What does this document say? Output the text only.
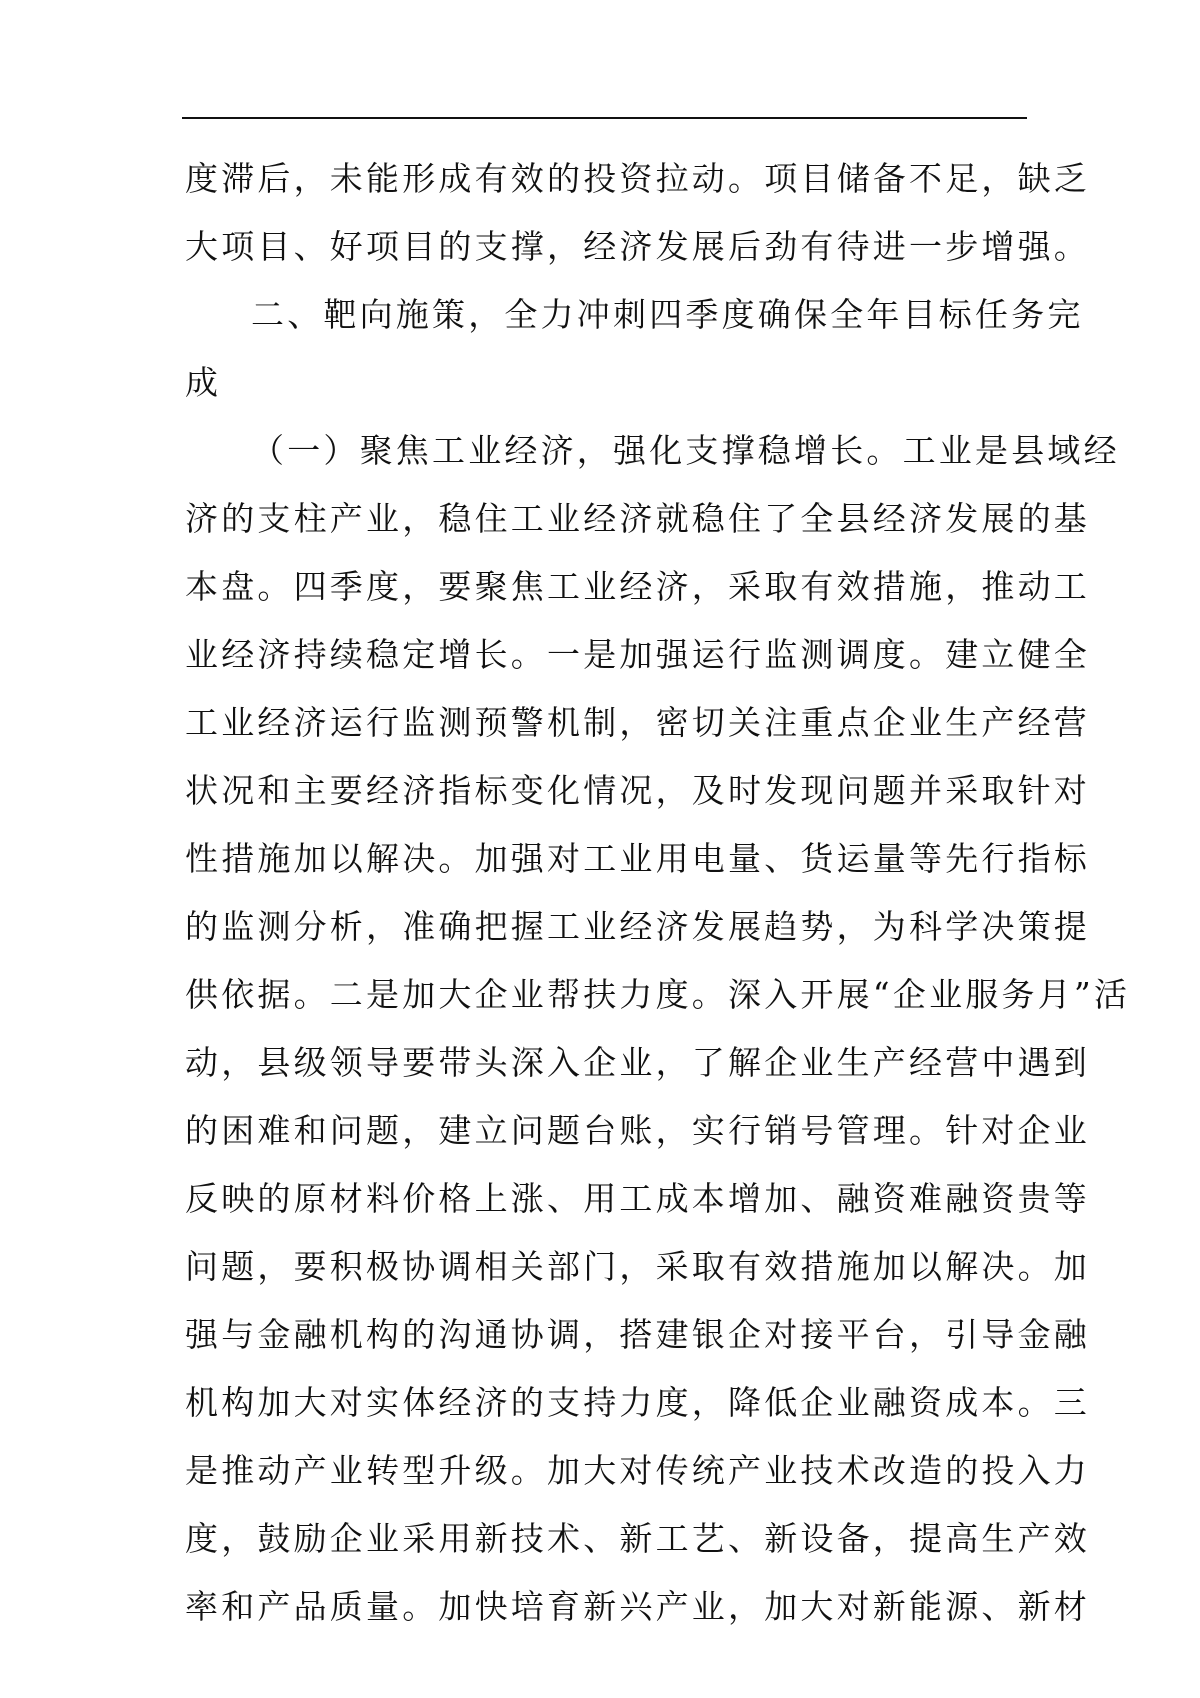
度滞后，未能形成有效的投资拉动。项目储备不足，缺乏
大项目、好项目的支撑，经济发展后劲有待进一步增强。
二、靶向施策，全力冲刺四季度确保全年目标任务完
成
（一）聚焦工业经济，强化支撑稳增长。工业是县域经
济的支柱产业，稳住工业经济就稳住了全县经济发展的基
本盘。四季度，要聚焦工业经济，采取有效措施，推动工
业经济持续稳定增长。一是加强运行监测调度。建立健全
工业经济运行监测预警机制，密切关注重点企业生产经营
状况和主要经济指标变化情况，及时发现问题并采取针对
性措施加以解决。加强对工业用电量、货运量等先行指标
的监测分析，准确把握工业经济发展趋势，为科学决策提
供依据。二是加大企业帮扶力度。深入开展“企业服务月”活
动，县级领导要带头深入企业，了解企业生产经营中遇到
的困难和问题，建立问题台账，实行销号管理。针对企业
反映的原材料价格上涨、用工成本增加、融资难融资贵等
问题，要积极协调相关部门，采取有效措施加以解决。加
强与金融机构的沟通协调，搭建银企对接平台，引导金融
机构加大对实体经济的支持力度，降低企业融资成本。三
是推动产业转型升级。加大对传统产业技术改造的投入力
度，鼓励企业采用新技术、新工艺、新设备，提高生产效
率和产品质量。加快培育新兴产业，加大对新能源、新材
